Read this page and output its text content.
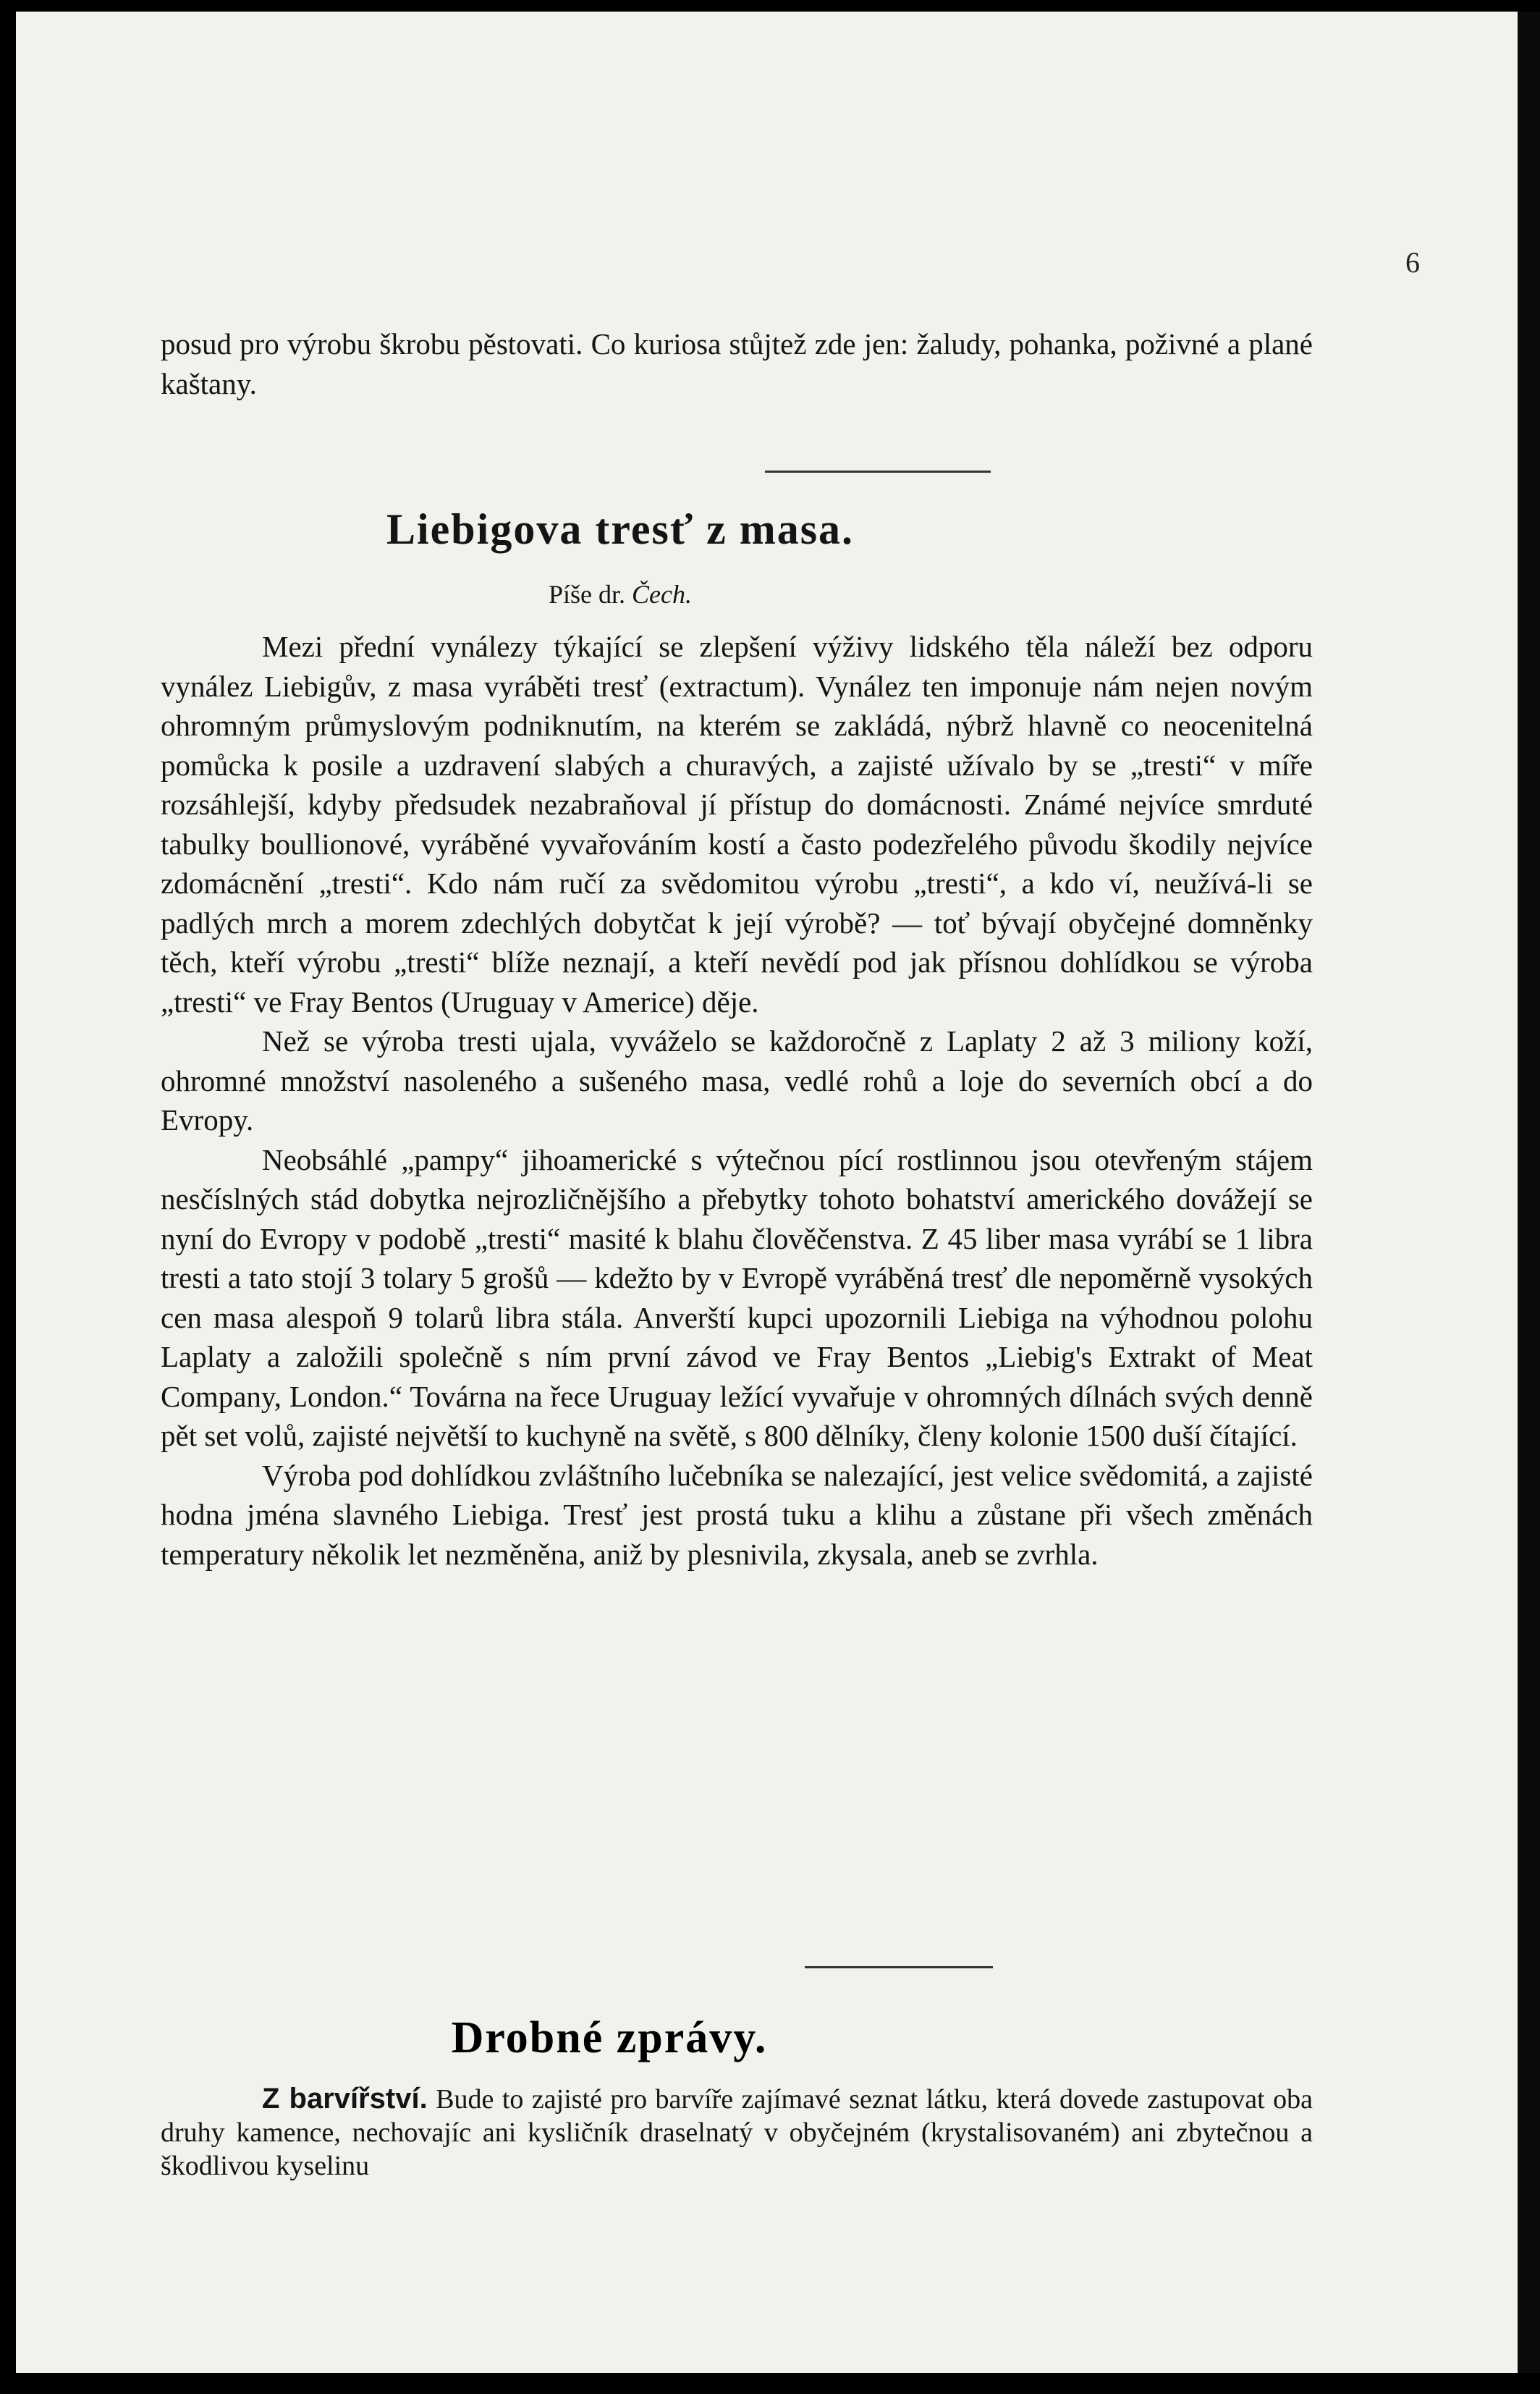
6

posud pro výrobu škrobu pěstovati. Co kuriosa stůjtež zde jen: žaludy, pohanka, poživné a plané kaštany.

Liebigova tresť z masa.
Píše dr. Čech.

Mezi přední vynálezy týkající se zlepšení výživy lidského těla náleží bez odporu vynález Liebigův, z masa vyráběti tresť (extractum). Vynález ten imponuje nám nejen novým ohromným průmyslovým podniknutím, na kterém se zakládá, nýbrž hlavně co neocenitelná pomůcka k posile a uzdravení slabých a churavých, a zajisté užívalo by se „tresti“ v míře rozsáhlejší, kdyby předsudek nezabraňoval jí přístup do domácnosti. Známé nejvíce smrduté tabulky boullionové, vyráběné vyvařováním kostí a často podezřelého původu škodily nejvíce zdomácnění „tresti“. Kdo nám ručí za svědomitou výrobu „tresti“, a kdo ví, neužívá-li se padlých mrch a morem zdechlých dobytčat k její výrobě? — toť bývají obyčejné domněnky těch, kteří výrobu „tresti“ blíže neznají, a kteří nevědí pod jak přísnou dohlídkou se výroba „tresti“ ve Fray Bentos (Uruguay v Americe) děje.

Než se výroba tresti ujala, vyváželo se každoročně z Laplaty 2 až 3 miliony koží, ohromné množství nasoleného a sušeného masa, vedlé rohů a loje do severních obcí a do Evropy.

Neobsáhlé „pampy“ jihoamerické s výtečnou pící rostlinnou jsou otevřeným stájem nesčíslných stád dobytka nejrozličnějšího a přebytky tohoto bohatství amerického dovážejí se nyní do Evropy v podobě „tresti“ masité k blahu člověčenstva. Z 45 liber masa vyrábí se 1 libra tresti a tato stojí 3 tolary 5 grošů — kdežto by v Evropě vyráběná tresť dle nepoměrně vysokých cen masa alespoň 9 tolarů libra stála. Anverští kupci upozornili Liebiga na výhodnou polohu Laplaty a založili společně s ním první závod ve Fray Bentos „Liebig's Extrakt of Meat Company, London.“ Továrna na řece Uruguay ležící vyvařuje v ohromných dílnách svých denně pět set volů, zajisté největší to kuchyně na světě, s 800 dělníky, členy kolonie 1500 duší čítající.

Výroba pod dohlídkou zvláštního lučebníka se nalezající, jest velice svědomitá, a zajisté hodna jména slavného Liebiga. Tresť jest prostá tuku a klihu a zůstane při všech změnách temperatury několik let nezměněna, aniž by plesnivila, zkysala, aneb se zvrhla.

Drobné zprávy.

Z barvířství. Bude to zajisté pro barvíře zajímavé seznat látku, která dovede zastupovat oba druhy kamence, nechovajíc ani kysličník draselnatý v obyčejném (krystalisovaném) ani zbytečnou a škodlivou kyselinu
